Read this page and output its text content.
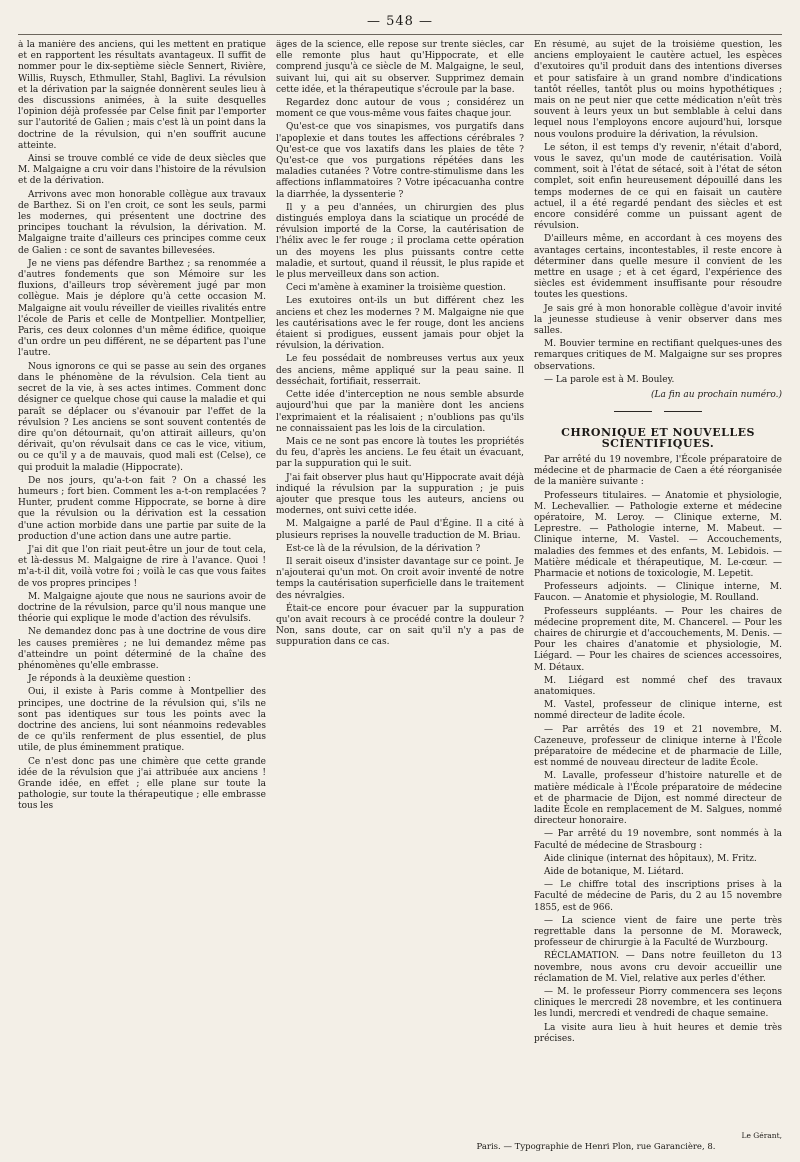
— 548 —

à la manière des anciens, qui les mettent en pratique et en rapportent les résultats avantageux. Il suffit de nommer pour le dix-septième siècle Sennert, Rivière, Willis, Ruysch, Ethmuller, Stahl, Baglivi. La révulsion et la dérivation par la saignée donnèrent seules lieu à des discussions animées, à la suite desquelles l'opinion déjà professée par Celse finit par l'emporter sur l'autorité de Galien ; mais c'est là un point dans la doctrine de la révulsion, qui n'en souffrit aucune atteinte.

Ainsi se trouve comblé ce vide de deux siècles que M. Malgaigne a cru voir dans l'histoire de la révulsion et de la dérivation.

Arrivons avec mon honorable collègue aux travaux de Barthez. Si on l'en croit, ce sont les seuls, parmi les modernes, qui présentent une doctrine des principes touchant la révulsion, la dérivation. M. Malgaigne traite d'ailleurs ces principes comme ceux de Galien : ce sont de savantes billevesées.

Je ne viens pas défendre Barthez ; sa renommée a d'autres fondements que son Mémoire sur les fluxions, d'ailleurs trop sévèrement jugé par mon collègue. Mais je déplore qu'à cette occasion M. Malgaigne ait voulu réveiller de vieilles rivalités entre l'école de Paris et celle de Montpellier. Montpellier, Paris, ces deux colonnes d'un même édifice, quoique d'un ordre un peu différent, ne se départent pas l'une l'autre.

Nous ignorons ce qui se passe au sein des organes dans le phénomène de la révulsion. Cela tient au secret de la vie, à ses actes intimes. Comment donc désigner ce quelque chose qui cause la maladie et qui paraît se déplacer ou s'évanouir par l'effet de la révulsion ? Les anciens se sont souvent contentés de dire qu'on détournait, qu'on attirait ailleurs, qu'on dérivait, qu'on révulsait dans ce cas le vice, vitium, ou ce qu'il y a de mauvais, quod mali est (Celse), ce qui produit la maladie (Hippocrate).

De nos jours, qu'a-t-on fait ? On a chassé les humeurs ; fort bien. Comment les a-t-on remplacées ? Hunter, prudent comme Hippocrate, se borne à dire que la révulsion ou la dérivation est la cessation d'une action morbide dans une partie par suite de la production d'une action dans une autre partie.

J'ai dit que l'on riait peut-être un jour de tout cela, et là-dessus M. Malgaigne de rire à l'avance. Quoi ! m'a-t-il dit, voilà votre foi ; voilà le cas que vous faites de vos propres principes !

M. Malgaigne ajoute que nous ne saurions avoir de doctrine de la révulsion, parce qu'il nous manque une théorie qui explique le mode d'action des révulsifs.

Ne demandez donc pas à une doctrine de vous dire les causes premières ; ne lui demandez même pas d'atteindre un point déterminé de la chaîne des phénomènes qu'elle embrasse.

Je réponds à la deuxième question :

Oui, il existe à Paris comme à Montpellier des principes, une doctrine de la révulsion qui, s'ils ne sont pas identiques sur tous les points avec la doctrine des anciens, lui sont néanmoins redevables de ce qu'ils renferment de plus essentiel, de plus utile, de plus éminemment pratique.

Ce n'est donc pas une chimère que cette grande idée de la révulsion que j'ai attribuée aux anciens ! Grande idée, en effet ; elle plane sur toute la pathologie, sur toute la thérapeutique ; elle embrasse tous les

âges de la science, elle repose sur trente siècles, car elle remonte plus haut qu'Hippocrate, et elle comprend jusqu'à ce siècle de M. Malgaigne, le seul, suivant lui, qui ait su observer. Supprimez demain cette idée, et la thérapeutique s'écroule par la base.

Regardez donc autour de vous ; considérez un moment ce que vous-même vous faites chaque jour.

Qu'est-ce que vos sinapismes, vos purgatifs dans l'apoplexie et dans toutes les affections cérébrales ? Qu'est-ce que vos laxatifs dans les plaies de tête ? Qu'est-ce que vos purgations répétées dans les maladies cutanées ? Votre contre-stimulisme dans les affections inflammatoires ? Votre ipécacuanha contre la diarrhée, la dyssenterie ?

Il y a peu d'années, un chirurgien des plus distingués employa dans la sciatique un procédé de révulsion importé de la Corse, la cautérisation de l'hélix avec le fer rouge ; il proclama cette opération un des moyens les plus puissants contre cette maladie, et surtout, quand il réussit, le plus rapide et le plus merveilleux dans son action.

Ceci m'amène à examiner la troisième question.

Les exutoires ont-ils un but différent chez les anciens et chez les modernes ? M. Malgaigne nie que les cautérisations avec le fer rouge, dont les anciens étaient si prodigues, eussent jamais pour objet la révulsion, la dérivation.

Le feu possédait de nombreuses vertus aux yeux des anciens, même appliqué sur la peau saine. Il desséchait, fortifiait, resserrait.

Cette idée d'interception ne nous semble absurde aujourd'hui que par la manière dont les anciens l'exprimaient et la réalisaient ; n'oublions pas qu'ils ne connaissaient pas les lois de la circulation.

Mais ce ne sont pas encore là toutes les propriétés du feu, d'après les anciens. Le feu était un évacuant, par la suppuration qui le suit.

J'ai fait observer plus haut qu'Hippocrate avait déjà indiqué la révulsion par la suppuration ; je puis ajouter que presque tous les auteurs, anciens ou modernes, ont suivi cette idée.

M. Malgaigne a parlé de Paul d'Égine. Il a cité à plusieurs reprises la nouvelle traduction de M. Briau.

Est-ce là de la révulsion, de la dérivation ?

Il serait oiseux d'insister davantage sur ce point. Je n'ajouterai qu'un mot. On croit avoir inventé de notre temps la cautérisation superficielle dans le traitement des névralgies.

Était-ce encore pour évacuer par la suppuration qu'on avait recours à ce procédé contre la douleur ? Non, sans doute, car on sait qu'il n'y a pas de suppuration dans ce cas.

En résumé, au sujet de la troisième question, les anciens employaient le cautère actuel, les espèces d'exutoires qu'il produit dans des intentions diverses et pour satisfaire à un grand nombre d'indications tantôt réelles, tantôt plus ou moins hypothétiques ; mais on ne peut nier que cette médication n'eût très souvent à leurs yeux un but semblable à celui dans lequel nous l'employons encore aujourd'hui, lorsque nous voulons produire la dérivation, la révulsion.

Le séton, il est temps d'y revenir, n'était d'abord, vous le savez, qu'un mode de cautérisation. Voilà comment, soit à l'état de sétacé, soit à l'état de séton complet, soit enfin heureusement dépouillé dans les temps modernes de ce qui en faisait un cautère actuel, il a été regardé pendant des siècles et est encore considéré comme un puissant agent de révulsion.

D'ailleurs même, en accordant à ces moyens des avantages certains, incontestables, il reste encore à déterminer dans quelle mesure il convient de les mettre en usage ; et à cet égard, l'expérience des siècles est évidemment insuffisante pour résoudre toutes les questions.

Je sais gré à mon honorable collègue d'avoir invité la jeunesse studieuse à venir observer dans mes salles.

M. Bouvier termine en rectifiant quelques-unes des remarques critiques de M. Malgaigne sur ses propres observations.

— La parole est à M. Bouley.

(La fin au prochain numéro.)
CHRONIQUE ET NOUVELLES SCIENTIFIQUES.

Par arrêté du 19 novembre, l'École préparatoire de médecine et de pharmacie de Caen a été réorganisée de la manière suivante :

Professeurs titulaires. — Anatomie et physiologie, M. Lechevallier. — Pathologie externe et médecine opératoire, M. Leroy. — Clinique externe, M. Leprestre. — Pathologie interne, M. Mabeut. — Clinique interne, M. Vastel. — Accouchements, maladies des femmes et des enfants, M. Lebidois. — Matière médicale et thérapeutique, M. Le-cœur. — Pharmacie et notions de toxicologie, M. Lepetit.

Professeurs adjoints. — Clinique interne, M. Faucon. — Anatomie et physiologie, M. Roulland.

Professeurs suppléants. — Pour les chaires de médecine proprement dite, M. Chancerel. — Pour les chaires de chirurgie et d'accouchements, M. Denis. — Pour les chaires d'anatomie et physiologie, M. Liégard. — Pour les chaires de sciences accessoires, M. Détaux.

M. Liégard est nommé chef des travaux anatomiques.

M. Vastel, professeur de clinique interne, est nommé directeur de ladite école.

— Par arrêtés des 19 et 21 novembre, M. Cazeneuve, professeur de clinique interne à l'École préparatoire de médecine et de pharmacie de Lille, est nommé de nouveau directeur de ladite École.

M. Lavalle, professeur d'histoire naturelle et de matière médicale à l'École préparatoire de médecine et de pharmacie de Dijon, est nommé directeur de ladite École en remplacement de M. Salgues, nommé directeur honoraire.

— Par arrêté du 19 novembre, sont nommés à la Faculté de médecine de Strasbourg :

Aide clinique (internat des hôpitaux), M. Fritz.

Aide de botanique, M. Liétard.

— Le chiffre total des inscriptions prises à la Faculté de médecine de Paris, du 2 au 15 novembre 1855, est de 966.

— La science vient de faire une perte très regrettable dans la personne de M. Moraweck, professeur de chirurgie à la Faculté de Wurzbourg.

RÉCLAMATION. — Dans notre feuilleton du 13 novembre, nous avons cru devoir accueillir une réclamation de M. Viel, relative aux perles d'éther.

— M. le professeur Piorry commencera ses leçons cliniques le mercredi 28 novembre, et les continuera les lundi, mercredi et vendredi de chaque semaine.

La visite aura lieu à huit heures et demie très précises.

Le Gérant,
Paris. — Typographie de Henri Plon, rue Garancière, 8.
